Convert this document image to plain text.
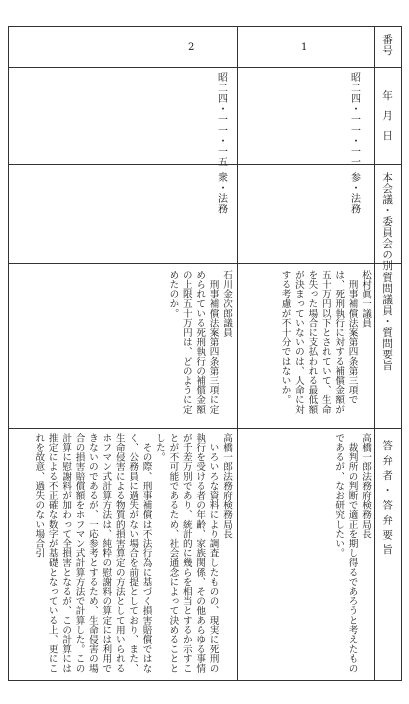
番号
年 月 日
本会議・委員会の別
質問議員・質問要旨
答 弁 者 ・ 答 弁 要 旨
1
昭二四・一一・一一
参・法務
松村眞一議員
　刑事補償法案第四条第三項では、死刑執行に対する補償金額が五十万円以下とされていて、生命を失った場合に支払われる最低額が決まっていないのは、人命に対する考慮が不十分ではないか。
高橋一郎法務府検務局長
　裁判所の判断で適正を期し得るであろうと考えたものであるが、なお研究したい。
2
昭二四・一一・一五
衆・法務
石川金次郎議員
　刑事補償法案第四条第三項に定められている死刑執行の補償金額の上限五十万円は、どのように定めたのか。
高橋一郎法務府検務局長
　いろいろな資料により調査したものの、現実に死刑の執行を受ける者の年齢、家族関係、その他あらゆる事情が千差万別であり、統計的に幾らを相当とするか示すことが不可能であるため、社会通念によって決めることとした。
　その際、刑事補償は不法行為に基づく損害賠償ではなく、公務員に過失がない場合を前提としており、また、生命侵害による物質的損害算定の方法として用いられるホフマン式計算方法は、純粋の慰謝料の算定には利用できないのであるが、一応参考とするため、生命侵害の場合の損害賠償額をホフマン式計算方法で計算した。この計算に慰謝料が加わって全損害となるが、この計算には推定による不正確な数字が基礎となっている上、更にこれを故意、過失のない場合引
